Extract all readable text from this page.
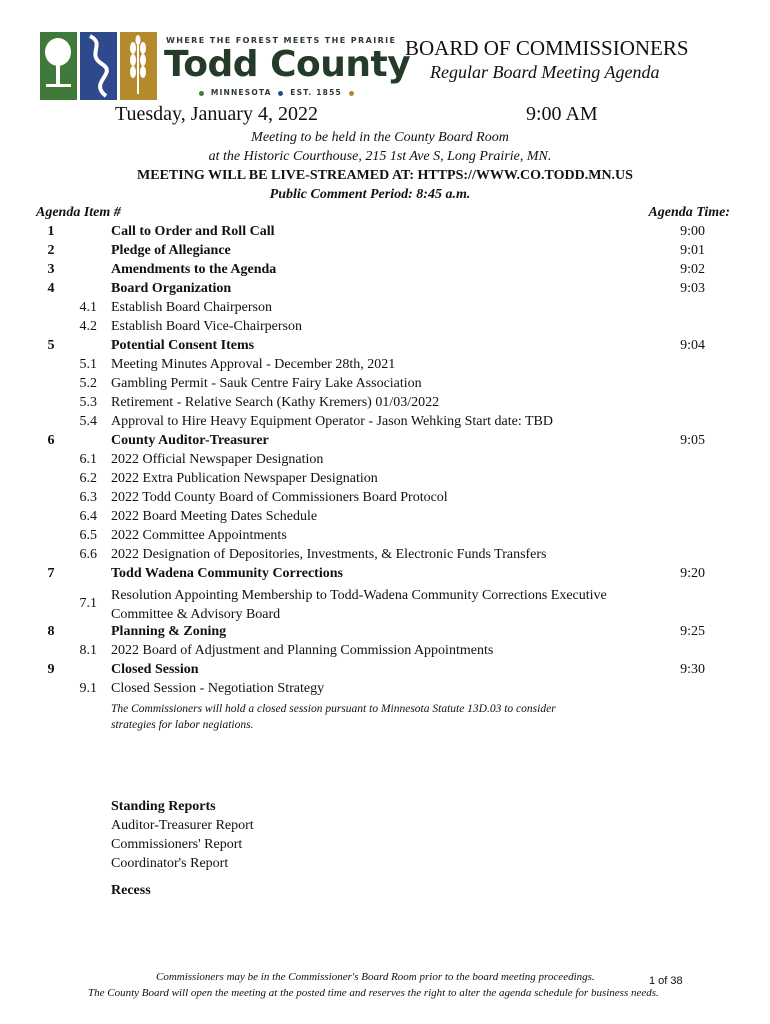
WHERE THE FOREST MEETS THE PRAIRIE
Todd County
MINNESOTA EST. 1855
BOARD OF COMMISSIONERS
Regular Board Meeting Agenda
Tuesday, January 4, 2022	9:00 AM
Meeting to be held in the County Board Room
at the Historic Courthouse, 215 1st Ave S, Long Prairie, MN.
MEETING WILL BE LIVE-STREAMED AT: HTTPS://WWW.CO.TODD.MN.US
Public Comment Period: 8:45 a.m.
Agenda Item #	Agenda Time:
1	Call to Order and Roll Call	9:00
2	Pledge of Allegiance	9:01
3	Amendments to the Agenda	9:02
4	Board Organization	9:03
4.1 Establish Board Chairperson
4.2 Establish Board Vice-Chairperson
5	Potential Consent Items	9:04
5.1 Meeting Minutes Approval - December 28th, 2021
5.2 Gambling Permit - Sauk Centre Fairy Lake Association
5.3 Retirement - Relative Search (Kathy Kremers) 01/03/2022
5.4 Approval to Hire Heavy Equipment Operator - Jason Wehking Start date: TBD
6	County Auditor-Treasurer	9:05
6.1 2022 Official Newspaper Designation
6.2 2022 Extra Publication Newspaper Designation
6.3 2022 Todd County Board of Commissioners Board Protocol
6.4 2022 Board Meeting Dates Schedule
6.5 2022 Committee Appointments
6.6 2022 Designation of Depositories, Investments, & Electronic Funds Transfers
7	Todd Wadena Community Corrections	9:20
7.1
Resolution Appointing Membership to Todd-Wadena Community Corrections Executive
Committee & Advisory Board
8	Planning & Zoning	9:25
8.1 2022 Board of Adjustment and Planning Commission Appointments
9	Closed Session	9:30
9.1 Closed Session - Negotiation Strategy
The Commissioners will hold a closed session pursuant to Minnesota Statute 13D.03 to consider
strategies for labor negiations.
Standing Reports
Auditor-Treasurer Report
Commissioners' Report
Coordinator's Report
Recess
Commissioners may be in the Commissioner's Board Room prior to the board meeting proceedings.	1 of 38
The County Board will open the meeting at the posted time and reserves the right to alter the agenda schedule for business needs.
